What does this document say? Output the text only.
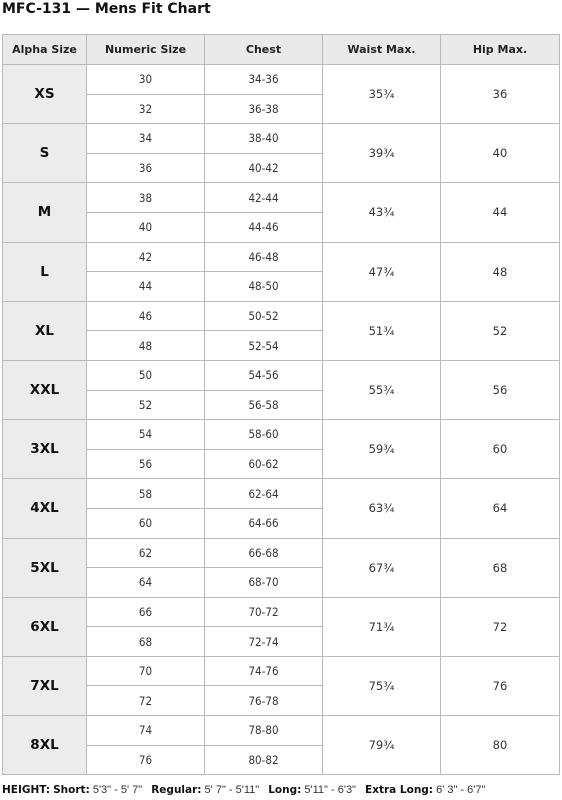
MFC-131 — Mens Fit Chart
Alpha Size	Numeric Size	Chest	Waist Max.	Hip Max.
XS	30	34-36	35¾	36
	32	36-38		
S	34	38-40	39¾	40
	36	40-42		
M	38	42-44	43¾	44
	40	44-46		
L	42	46-48	47¾	48
	44	48-50		
XL	46	50-52	51¾	52
	48	52-54		
XXL	50	54-56	55¾	56
	52	56-58		
3XL	54	58-60	59¾	60
	56	60-62		
4XL	58	62-64	63¾	64
	60	64-66		
5XL	62	66-68	67¾	68
	64	68-70		
6XL	66	70-72	71¾	72
	68	72-74		
7XL	70	74-76	75¾	76
	72	76-78		
8XL	74	78-80	79¾	80
	76	80-82		
HEIGHT: Short: 5'3" - 5' 7" Regular: 5' 7" - 5'11" Long: 5'11" - 6'3" Extra Long: 6' 3" - 6'7"
